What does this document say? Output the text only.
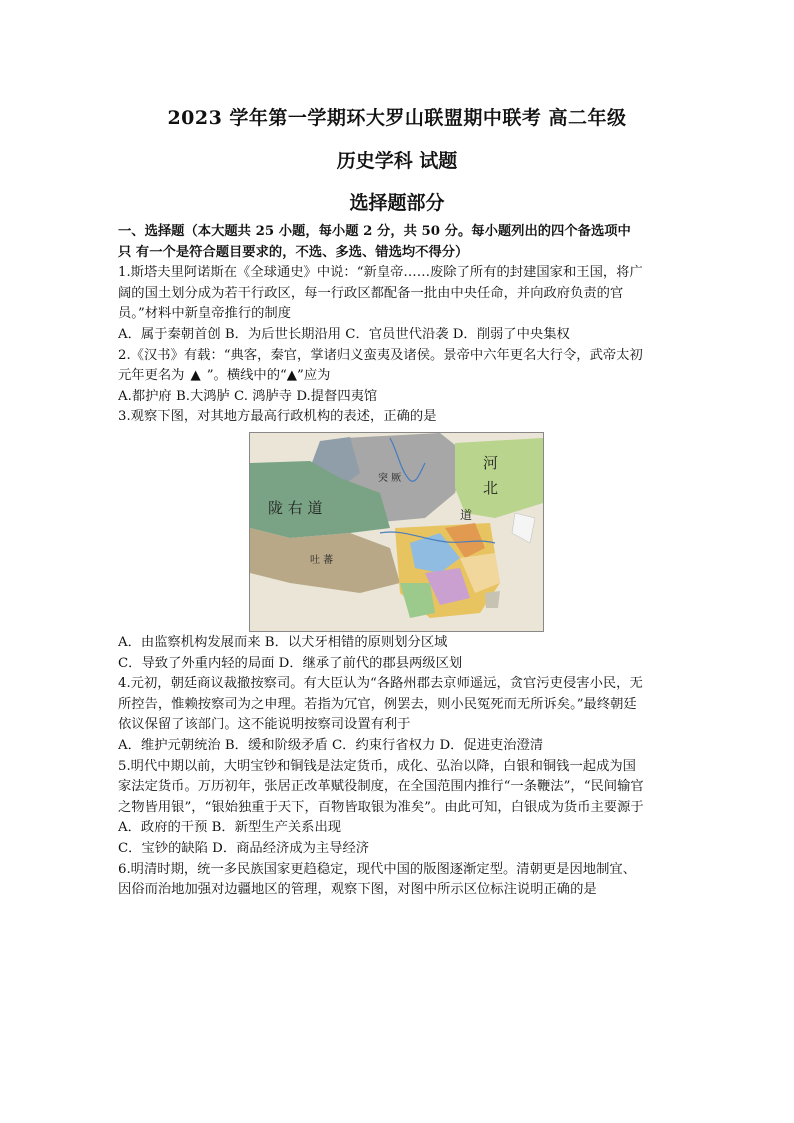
2023 学年第一学期环大罗山联盟期中联考 高二年级
历史学科 试题
选择题部分
一、选择题（本大题共 25 小题，每小题 2 分，共 50 分。每小题列出的四个备选项中
只 有一个是符合题目要求的，不选、多选、错选均不得分）
1.斯塔夫里阿诺斯在《全球通史》中说：“新皇帝……废除了所有的封建国家和王国，将广
阔的国土划分成为若干行政区，每一行政区都配备一批由中央任命，并向政府负责的官
员。”材料中新皇帝推行的制度
A．属于秦朝首创 B．为后世长期沿用 C．官员世代沿袭 D．削弱了中央集权
2.《汉书》有载：“典客，秦官，掌诸归义蛮夷及诸侯。景帝中六年更名大行令，武帝太初
元年更名为 ▲ ”。横线中的“▲”应为
A.都护府 B.大鸿胪 C. 鸿胪寺 D.提督四夷馆
3.观察下图，对其地方最高行政机构的表述，正确的是
突 厥
陇 右 道
吐 蕃
河
北
道
A．由监察机构发展而来 B．以犬牙相错的原则划分区域
C．导致了外重内轻的局面 D．继承了前代的郡县两级区划
4.元初，朝廷商议裁撤按察司。有大臣认为“各路州郡去京师遥远，贪官污吏侵害小民，无
所控告，惟赖按察司为之申理。若指为冗官，例罢去，则小民冤死而无所诉矣。”最终朝廷
依议保留了该部门。这不能说明按察司设置有利于
A．维护元朝统治 B．缓和阶级矛盾 C．约束行省权力 D．促进吏治澄清
5.明代中期以前，大明宝钞和铜钱是法定货币，成化、弘治以降，白银和铜钱一起成为国
家法定货币。万历初年，张居正改革赋役制度，在全国范围内推行“一条鞭法”，“民间输官
之物皆用银”，“银始独重于天下，百物皆取银为准矣”。由此可知，白银成为货币主要源于
A．政府的干预 B．新型生产关系出现
C．宝钞的缺陷 D．商品经济成为主导经济
6.明清时期，统一多民族国家更趋稳定，现代中国的版图逐渐定型。清朝更是因地制宜、
因俗而治地加强对边疆地区的管理，观察下图，对图中所示区位标注说明正确的是
